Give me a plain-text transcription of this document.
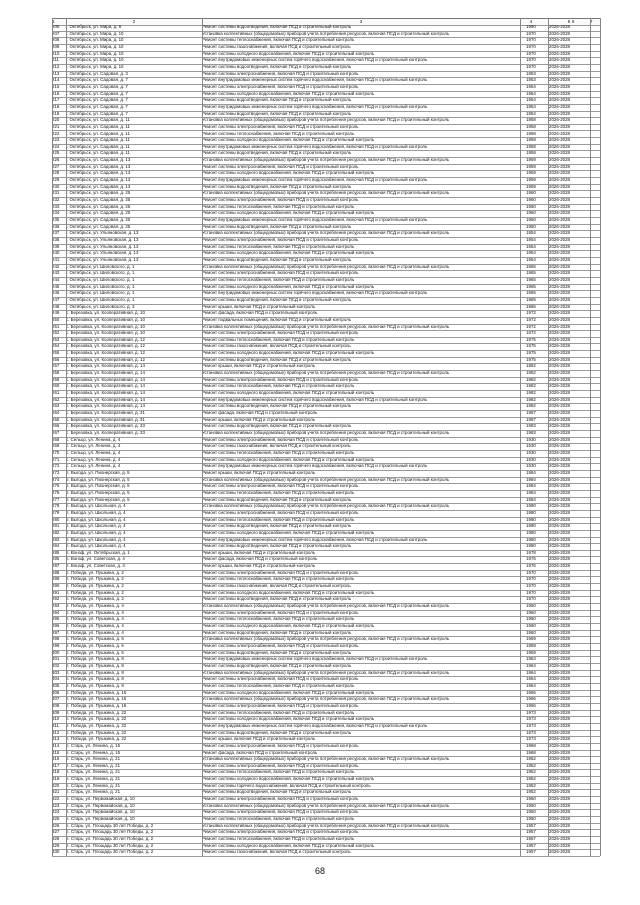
1	2	3	4	5 6	7
206	г. Октябрьск, ул. Мира, д. 8	Ремонт системы водоотведения, включая ПСД и строительный контроль	1960	2026-2028
207	г. Октябрьск, ул. Мира, д. 10	Установка коллективных (общедомовых) приборов учета потребления ресурсов, включая ПСД и строительный контроль	1970	2026-2028
208	г. Октябрьск, ул. Мира, д. 10	Ремонт системы теплоснабжения, включая ПСД и строительный контроль	1970	2026-2028
209	г. Октябрьск, ул. Мира, д. 10	Ремонт системы газоснабжения, включая ПСД и строительный контроль	1970	2026-2028
210	г. Октябрьск, ул. Мира, д. 10	Ремонт системы холодного водоснабжения, включая ПСД и строительный контроль	1970	2026-2028
211	г. Октябрьск, ул. Мира, д. 10	Ремонт внутридомовых инженерных систем горячего водоснабжения, включая ПСД и строительный контроль	1970	2026-2028
212	г. Октябрьск, ул. Мира, д. 10	Ремонт системы водоотведения, включая ПСД и строительный контроль	1970	2026-2028
213	г. Октябрьск, ул. Садовая, д. 3	Ремонт системы электроснабжения, включая ПСД и строительный контроль	1953	2026-2028
214	г. Октябрьск, ул. Садовая, д. 7	Ремонт внутридомовых инженерных систем горячего водоснабжения, включая ПСД и строительный контроль	1953	2026-2028
215	г. Октябрьск, ул. Садовая, д. 7	Ремонт системы электроснабжения, включая ПСД и строительный контроль	1954	2026-2028
216	г. Октябрьск, ул. Садовая, д. 7	Ремонт системы холодного водоснабжения, включая ПСД и строительный контроль	1954	2026-2028
217	г. Октябрьск, ул. Садовая, д. 7	Ремонт системы водоотведения, включая ПСД и строительный контроль	1954	2026-2028
218	г. Октябрьск, ул. Садовая, д. 7	Ремонт внутридомовых инженерных систем горячего водоснабжения, включая ПСД и строительный контроль	1954	2026-2028
219	г. Октябрьск, ул. Садовая, д. 7	Ремонт системы водоотведения, включая ПСД и строительный контроль	1954	2026-2028
220	г. Октябрьск, ул. Садовая, д. 11	Установка коллективных (общедомовых) приборов учета потребления ресурсов, включая ПСД и строительный контроль	1958	2026-2028
221	г. Октябрьск, ул. Садовая, д. 11	Ремонт системы электроснабжения, включая ПСД и строительный контроль	1958	2026-2028
222	г. Октябрьск, ул. Садовая, д. 11	Ремонт системы теплоснабжения, включая ПСД и строительный контроль	1958	2026-2028
223	г. Октябрьск, ул. Садовая, д. 11	Ремонт системы холодного водоснабжения, включая ПСД и строительный контроль	1958	2026-2028
224	г. Октябрьск, ул. Садовая, д. 11	Ремонт внутридомовых инженерных систем горячего водоснабжения, включая ПСД и строительный контроль	1958	2026-2028
225	г. Октябрьск, ул. Садовая, д. 11	Ремонт системы водоотведения, включая ПСД и строительный контроль	1958	2026-2028
226	г. Октябрьск, ул. Садовая, д. 13	Установка коллективных (общедомовых) приборов учета потребления ресурсов, включая ПСД и строительный контроль	1959	2026-2028
227	г. Октябрьск, ул. Садовая, д. 13	Ремонт системы электроснабжения, включая ПСД и строительный контроль	1959	2026-2028
228	г. Октябрьск, ул. Садовая, д. 13	Ремонт системы холодного водоснабжения, включая ПСД и строительный контроль	1959	2026-2028
229	г. Октябрьск, ул. Садовая, д. 13	Ремонт внутридомовых инженерных систем горячего водоснабжения, включая ПСД и строительный контроль	1959	2026-2028
230	г. Октябрьск, ул. Садовая, д. 13	Ремонт системы водоотведения, включая ПСД и строительный контроль	1959	2026-2028
231	г. Октябрьск, ул. Садовая, д. 25	Установка коллективных (общедомовых) приборов учета потребления ресурсов, включая ПСД и строительный контроль	1960	2026-2028
232	г. Октябрьск, ул. Садовая, д. 25	Ремонт системы электроснабжения, включая ПСД и строительный контроль	1960	2026-2028
233	г. Октябрьск, ул. Садовая, д. 25	Ремонт системы теплоснабжения, включая ПСД и строительный контроль	1960	2026-2028
234	г. Октябрьск, ул. Садовая, д. 25	Ремонт системы холодного водоснабжения, включая ПСД и строительный контроль	1960	2026-2028
235	г. Октябрьск, ул. Садовая, д. 25	Ремонт внутридомовых инженерных систем горячего водоснабжения, включая ПСД и строительный контроль	1960	2026-2028
236	г. Октябрьск, ул. Садовая, д. 25	Ремонт системы водоотведения, включая ПСД и строительный контроль	1960	2026-2028
237	г. Октябрьск, ул. Ульяновская, д. 13	Установка коллективных (общедомовых) приборов учета потребления ресурсов, включая ПСД и строительный контроль	1954	2026-2028
238	г. Октябрьск, ул. Ульяновская, д. 13	Ремонт системы электроснабжения, включая ПСД и строительный контроль	1954	2026-2028
239	г. Октябрьск, ул. Ульяновская, д. 13	Ремонт системы теплоснабжения, включая ПСД и строительный контроль	1954	2026-2028
240	г. Октябрьск, ул. Ульяновская, д. 13	Ремонт системы холодного водоснабжения, включая ПСД и строительный контроль	1954	2026-2028
241	г. Октябрьск, ул. Ульяновская, д. 13	Ремонт системы водоотведения, включая ПСД и строительный контроль	1954	2026-2028
242	г. Октябрьск, ул. Шиловского, д. 1	Установка коллективных (общедомовых) приборов учета потребления ресурсов, включая ПСД и строительный контроль	1965	2026-2028
243	г. Октябрьск, ул. Шиловского, д. 1	Ремонт системы электроснабжения, включая ПСД и строительный контроль	1965	2026-2028
244	г. Октябрьск, ул. Шиловского, д. 1	Ремонт системы теплоснабжения, включая ПСД и строительный контроль	1965	2026-2028
245	г. Октябрьск, ул. Шиловского, д. 1	Ремонт системы холодного водоснабжения, включая ПСД и строительный контроль	1965	2026-2028
246	г. Октябрьск, ул. Шиловского, д. 1	Ремонт внутридомовых инженерных систем горячего водоснабжения, включая ПСД и строительный контроль	1965	2026-2028
247	г. Октябрьск, ул. Шиловского, д. 1	Ремонт системы водоотведения, включая ПСД и строительный контроль	1965	2026-2028
248	г. Октябрьск, ул. Шиловского, д. 3	Ремонт крыши, включая ПСД и строительный контроль	1965	2026-2028
249	с. Березовка, ул. Кооперативная, д. 10	Ремонт фасада, включая ПСД и строительный контроль	1972	2026-2028
250	с. Березовка, ул. Кооперативная, д. 10	Ремонт подвальных помещений, включая ПСД и строительный контроль	1972	2026-2028
251	с. Березовка, ул. Кооперативная, д. 10	Установка коллективных (общедомовых) приборов учета потребления ресурсов, включая ПСД и строительный контроль	1972	2026-2028
252	с. Березовка, ул. Кооперативная, д. 10	Ремонт системы электроснабжения, включая ПСД и строительный контроль	1972	2026-2028
253	с. Березовка, ул. Кооперативная, д. 12	Ремонт системы теплоснабжения, включая ПСД и строительный контроль	1975	2026-2028
254	с. Березовка, ул. Кооперативная, д. 12	Ремонт системы газоснабжения, включая ПСД и строительный контроль	1975	2026-2028
255	с. Березовка, ул. Кооперативная, д. 12	Ремонт системы холодного водоснабжения, включая ПСД и строительный контроль	1975	2026-2028
256	с. Березовка, ул. Кооперативная, д. 12	Ремонт системы водоотведения, включая ПСД и строительный контроль	1975	2026-2028
257	с. Березовка, ул. Кооперативная, д. 14	Ремонт крыши, включая ПСД и строительный контроль	1982	2026-2028
258	с. Березовка, ул. Кооперативная, д. 14	Установка коллективных (общедомовых) приборов учета потребления ресурсов, включая ПСД и строительный контроль	1982	2026-2028
259	с. Березовка, ул. Кооперативная, д. 14	Ремонт системы электроснабжения, включая ПСД и строительный контроль	1982	2026-2028
260	с. Березовка, ул. Кооперативная, д. 14	Ремонт системы теплоснабжения, включая ПСД и строительный контроль	1982	2026-2028
261	с. Березовка, ул. Кооперативная, д. 14	Ремонт системы холодного водоснабжения, включая ПСД и строительный контроль	1982	2026-2028
262	с. Березовка, ул. Кооперативная, д. 14	Ремонт внутридомовых инженерных систем горячего водоснабжения, включая ПСД и строительный контроль	1982	2026-2028
263	с. Березовка, ул. Кооперативная, д. 14	Ремонт системы водоотведения, включая ПСД и строительный контроль	1982	2026-2028
264	с. Березовка, ул. Кооперативная, д. 31	Ремонт фасада, включая ПСД и строительный контроль	1987	2026-2028
265	с. Березовка, ул. Кооперативная, д. 31	Ремонт крыши, включая ПСД и строительный контроль	1987	2026-2028
266	с. Березовка, ул. Кооперативная, д. 33	Ремонт системы водоотведения, включая ПСД и строительный контроль	1983	2026-2028
267	с. Березовка, ул. Кооперативная, д. 33	Установка коллективных (общедомовых) приборов учета потребления ресурсов, включая ПСД и строительный контроль	1983	2026-2028
268	с. Сельцо, ул. Ленина, д. 4	Ремонт системы электроснабжения, включая ПСД и строительный контроль	1930	2026-2028
269	с. Сельцо, ул. Ленина, д. 4	Ремонт системы газоснабжения, включая ПСД и строительный контроль	1930	2026-2028
270	с. Сельцо, ул. Ленина, д. 4	Ремонт системы теплоснабжения, включая ПСД и строительный контроль	1930	2026-2028
271	с. Сельцо, ул. Ленина, д. 4	Ремонт системы холодного водоснабжения, включая ПСД и строительный контроль	1930	2026-2028
272	с. Сельцо, ул. Ленина, д. 4	Ремонт внутридомовых инженерных систем горячего водоснабжения, включая ПСД и строительный контроль	1930	2026-2028
273	п. Выгода, ул. Пионерская, д. 5	Ремонт крыши, включая ПСД и строительный контроль	1984	2026-2028
274	п. Выгода, ул. Пионерская, д. 5	Установка коллективных (общедомовых) приборов учета потребления ресурсов, включая ПСД и строительный контроль	1984	2026-2028
275	п. Выгода, ул. Пионерская, д. 5	Ремонт системы электроснабжения, включая ПСД и строительный контроль	1984	2026-2028
276	п. Выгода, ул. Пионерская, д. 5	Ремонт системы теплоснабжения, включая ПСД и строительный контроль	1984	2026-2028
277	п. Выгода, ул. Пионерская, д. 5	Ремонт системы водоотведения, включая ПСД и строительный контроль	1984	2026-2028
278	п. Выгода, ул. Школьная, д. 4	Установка коллективных (общедомовых) приборов учета потребления ресурсов, включая ПСД и строительный контроль	1980	2026-2028
279	п. Выгода, ул. Школьная, д. 4	Ремонт системы электроснабжения, включая ПСД и строительный контроль	1980	2026-2028
280	п. Выгода, ул. Школьная, д. 4	Ремонт системы теплоснабжения, включая ПСД и строительный контроль	1980	2026-2028
281	п. Выгода, ул. Школьная, д. 4	Ремонт системы водоотведения, включая ПСД и строительный контроль	1980	2026-2028
282	п. Выгода, ул. Школьная, д. 4	Ремонт системы холодного водоснабжения, включая ПСД и строительный контроль	1980	2026-2028
283	п. Выгода, ул. Школьная, д. 4	Ремонт внутридомовых инженерных систем горячего водоснабжения, включая ПСД и строительный контроль	1980	2026-2028
284	п. Выгода, ул. Школьная, д. 4	Ремонт системы водоотведения, включая ПСД и строительный контроль	1980	2026-2028
285	п. Вонзф, ул. Октябрьская, д. 1	Ремонт крыши, включая ПСД и строительный контроль	1978	2026-2028
286	п. Вонзф, ул. Советская, д. 4	Ремонт фасада, включая ПСД и строительный контроль	1976	2026-2028
287	п. Вонзф, ул. Советская, д. 4	Ремонт крыши, включая ПСД и строительный контроль	1976	2026-2028
288	п. Победа, ул. Пушкина, д. 2	Ремонт системы электроснабжения, включая ПСД и строительный контроль	1970	2026-2028
289	п. Победа, ул. Пушкина, д. 2	Ремонт системы теплоснабжения, включая ПСД и строительный контроль	1970	2026-2028
290	п. Победа, ул. Пушкина, д. 2	Ремонт системы газоснабжения, включая ПСД и строительный контроль	1970	2026-2028
291	п. Победа, ул. Пушкина, д. 2	Ремонт системы холодного водоснабжения, включая ПСД и строительный контроль	1970	2026-2028
292	п. Победа, ул. Пушкина, д. 2	Ремонт системы водоотведения, включая ПСД и строительный контроль	1970	2026-2028
293	п. Победа, ул. Пушкина, д. 4	Установка коллективных (общедомовых) приборов учета потребления ресурсов, включая ПСД и строительный контроль	1960	2026-2028
294	п. Победа, ул. Пушкина, д. 4	Ремонт системы электроснабжения, включая ПСД и строительный контроль	1960	2026-2028
295	п. Победа, ул. Пушкина, д. 4	Ремонт системы теплоснабжения, включая ПСД и строительный контроль	1960	2026-2028
296	п. Победа, ул. Пушкина, д. 4	Ремонт системы холодного водоснабжения, включая ПСД и строительный контроль	1960	2026-2028
297	п. Победа, ул. Пушкина, д. 4	Ремонт системы водоотведения, включая ПСД и строительный контроль	1960	2026-2028
298	п. Победа, ул. Пушкина, д. 6	Установка коллективных (общедомовых) приборов учета потребления ресурсов, включая ПСД и строительный контроль	1959	2026-2028
299	п. Победа, ул. Пушкина, д. 6	Ремонт системы электроснабжения, включая ПСД и строительный контроль	1959	2026-2028
300	п. Победа, ул. Пушкина, д. 6	Ремонт системы водоотведения, включая ПСД и строительный контроль	1959	2026-2028
301	п. Победа, ул. Пушкина, д. 8	Ремонт внутридомовых инженерных систем горячего водоснабжения, включая ПСД и строительный контроль	1964	2026-2028
302	п. Победа, ул. Пушкина, д. 8	Ремонт системы водоотведения, включая ПСД и строительный контроль	1964	2026-2028
303	п. Победа, ул. Пушкина, д. 8	Установка коллективных (общедомовых) приборов учета потребления ресурсов, включая ПСД и строительный контроль	1964	2026-2028
304	п. Победа, ул. Пушкина, д. 8	Ремонт системы электроснабжения, включая ПСД и строительный контроль	1964	2026-2028
305	п. Победа, ул. Пушкина, д. 8	Ремонт системы теплоснабжения, включая ПСД и строительный контроль	1964	2026-2028
306	п. Победа, ул. Пушкина, д. 16	Ремонт системы холодного водоснабжения, включая ПСД и строительный контроль	1966	2026-2028
307	п. Победа, ул. Пушкина, д. 16	Установка коллективных (общедомовых) приборов учета потребления ресурсов, включая ПСД и строительный контроль	1966	2026-2028
308	п. Победа, ул. Пушкина, д. 16	Ремонт системы электроснабжения, включая ПСД и строительный контроль	1966	2026-2028
309	п. Победа, ул. Пушкина, д. 22	Ремонт системы теплоснабжения, включая ПСД и строительный контроль	1973	2026-2028
310	п. Победа, ул. Пушкина, д. 22	Ремонт системы холодного водоснабжения, включая ПСД и строительный контроль	1973	2026-2028
311	п. Победа, ул. Пушкина, д. 22	Ремонт внутридомовых инженерных систем горячего водоснабжения, включая ПСД и строительный контроль	1973	2026-2028
312	п. Победа, ул. Пушкина, д. 22	Ремонт системы водоотведения, включая ПСД и строительный контроль	1973	2026-2028
313	п. Победа, ул. Пушкина, д. 22	Ремонт крыши, включая ПСД и строительный контроль	1973	2026-2028
314	п. Старь, ул. Ленина, д. 15	Ремонт системы электроснабжения, включая ПСД и строительный контроль	1968	2026-2028
315	п. Старь, ул. Ленина, д. 15	Ремонт фасада, включая ПСД и строительный контроль	1968	2026-2028
316	п. Старь, ул. Ленина, д. 21	Установка коллективных (общедомовых) приборов учета потребления ресурсов, включая ПСД и строительный контроль	1952	2026-2028
317	п. Старь, ул. Ленина, д. 21	Ремонт системы электроснабжения, включая ПСД и строительный контроль	1952	2026-2028
318	п. Старь, ул. Ленина, д. 21	Ремонт системы теплоснабжения, включая ПСД и строительный контроль	1952	2026-2028
319	п. Старь, ул. Ленина, д. 21	Ремонт системы холодного водоснабжения, включая ПСД и строительный контроль	1952	2026-2028
320	п. Старь, ул. Ленина, д. 21	Ремонт системы горячего водоснабжения, включая ПСД и строительный контроль	1952	2026-2028
321	п. Старь, ул. Ленина, д. 21	Ремонт системы водоотведения, включая ПСД и строительный контроль	1952	2026-2028
322	п. Старь, ул. Первомайская, д. 10	Ремонт системы электроснабжения, включая ПСД и строительный контроль	1950	2026-2028
323	п. Старь, ул. Первомайская, д. 10	Установка коллективных (общедомовых) приборов учета потребления ресурсов, включая ПСД и строительный контроль	1950	2026-2028
324	п. Старь, ул. Первомайская, д. 10	Ремонт системы электроснабжения, включая ПСД и строительный контроль	1950	2026-2028
325	п. Старь, ул. Первомайская, д. 10	Ремонт системы теплоснабжения, включая ПСД и строительный контроль	1950	2026-2028
326	п. Старь, ул. Площадь 30 лет Победы, д. 2	Установка коллективных (общедомовых) приборов учета потребления ресурсов, включая ПСД и строительный контроль	1957	2026-2028
327	п. Старь, ул. Площадь 30 лет Победы, д. 2	Ремонт системы электроснабжения, включая ПСД и строительный контроль	1957	2026-2028
328	п. Старь, ул. Площадь 30 лет Победы, д. 2	Ремонт системы теплоснабжения, включая ПСД и строительный контроль	1957	2026-2028
329	п. Старь, ул. Площадь 30 лет Победы, д. 2	Ремонт системы холодного водоснабжения, включая ПСД и строительный контроль	1957	2026-2028
330	п. Старь, ул. Площадь 30 лет Победы, д. 2	Ремонт системы газоснабжения, включая ПСД и строительный контроль	1957	2026-2028
68
